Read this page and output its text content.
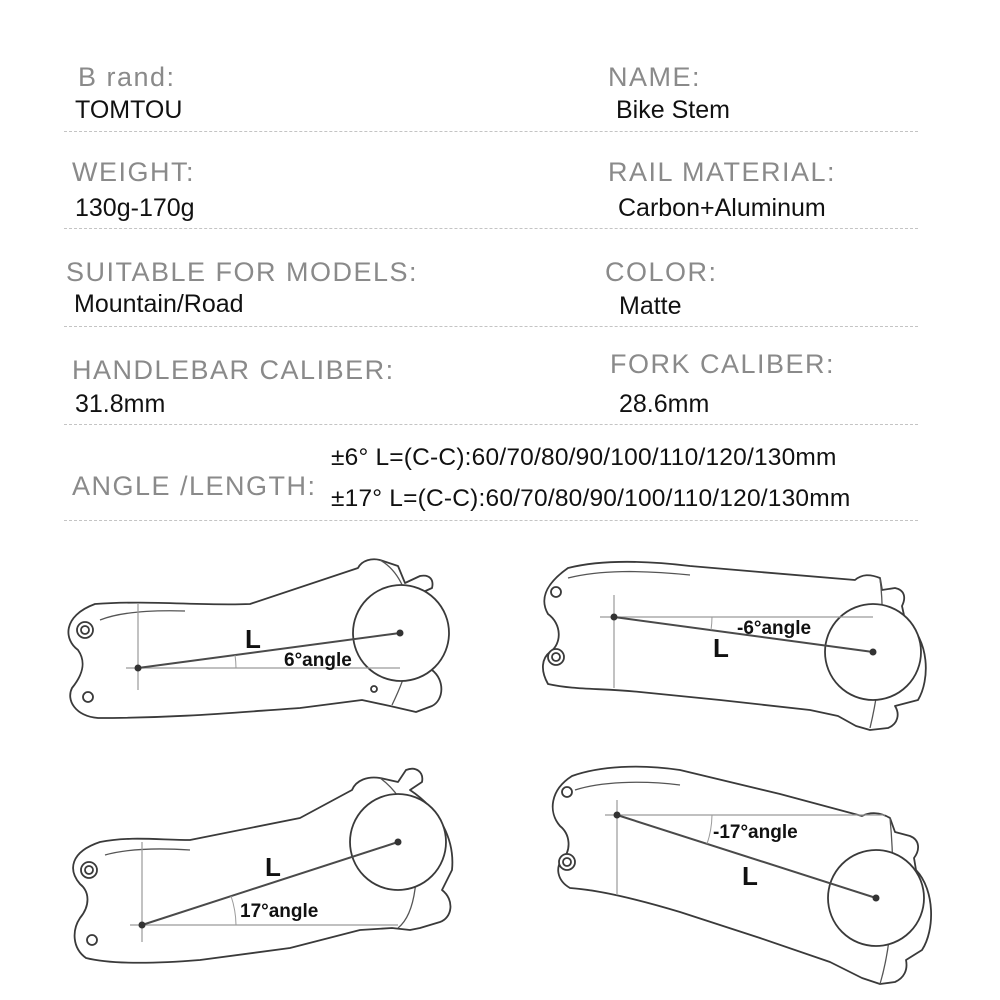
B rand:
TOMTOU
NAME:
Bike Stem
WEIGHT:
130g-170g
RAIL MATERIAL:
Carbon+Aluminum
SUITABLE FOR MODELS:
Mountain/Road
COLOR:
Matte
HANDLEBAR CALIBER:
31.8mm
FORK CALIBER:
28.6mm
ANGLE /LENGTH:
±6° L=(C-C):60/70/80/90/100/110/120/130mm
±17° L=(C-C):60/70/80/90/100/110/120/130mm
L
6°angle	L
-6°angle
L
17°angle
L
-17°angle
